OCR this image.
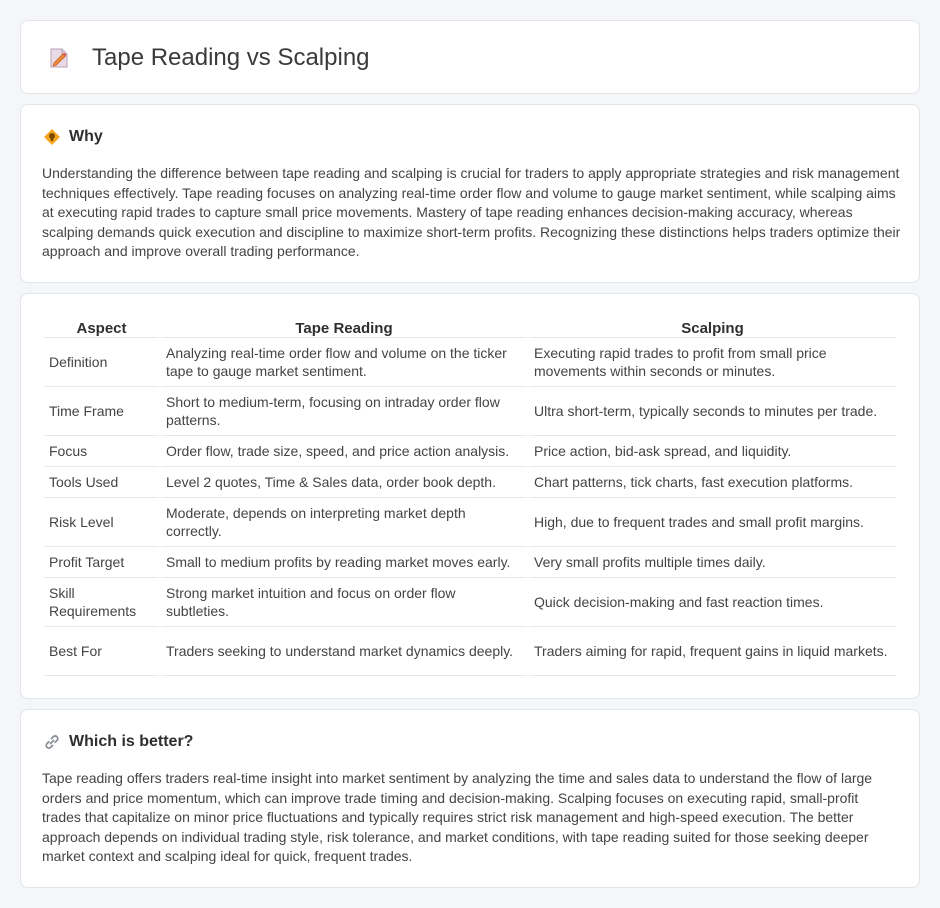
Tape Reading vs Scalping
Why

Understanding the difference between tape reading and scalping is crucial for traders to apply appropriate strategies and risk management techniques effectively. Tape reading focuses on analyzing real-time order flow and volume to gauge market sentiment, while scalping aims at executing rapid trades to capture small price movements. Mastery of tape reading enhances decision-making accuracy, whereas scalping demands quick execution and discipline to maximize short-term profits. Recognizing these distinctions helps traders optimize their approach and improve overall trading performance.

Aspect	Tape Reading	Scalping
Definition	Analyzing real-time order flow and volume on the ticker tape to gauge market sentiment.	Executing rapid trades to profit from small price movements within seconds or minutes.
Time Frame	Short to medium-term, focusing on intraday order flow patterns.	Ultra short-term, typically seconds to minutes per trade.
Focus	Order flow, trade size, speed, and price action analysis.	Price action, bid-ask spread, and liquidity.
Tools Used	Level 2 quotes, Time & Sales data, order book depth.	Chart patterns, tick charts, fast execution platforms.
Risk Level	Moderate, depends on interpreting market depth correctly.	High, due to frequent trades and small profit margins.
Profit Target	Small to medium profits by reading market moves early.	Very small profits multiple times daily.
Skill Requirements	Strong market intuition and focus on order flow subtleties.	Quick decision-making and fast reaction times.
Best For	Traders seeking to understand market dynamics deeply.	Traders aiming for rapid, frequent gains in liquid markets.
Which is better?

Tape reading offers traders real-time insight into market sentiment by analyzing the time and sales data to understand the flow of large orders and price momentum, which can improve trade timing and decision-making. Scalping focuses on executing rapid, small-profit trades that capitalize on minor price fluctuations and typically requires strict risk management and high-speed execution. The better approach depends on individual trading style, risk tolerance, and market conditions, with tape reading suited for those seeking deeper market context and scalping ideal for quick, frequent trades.
